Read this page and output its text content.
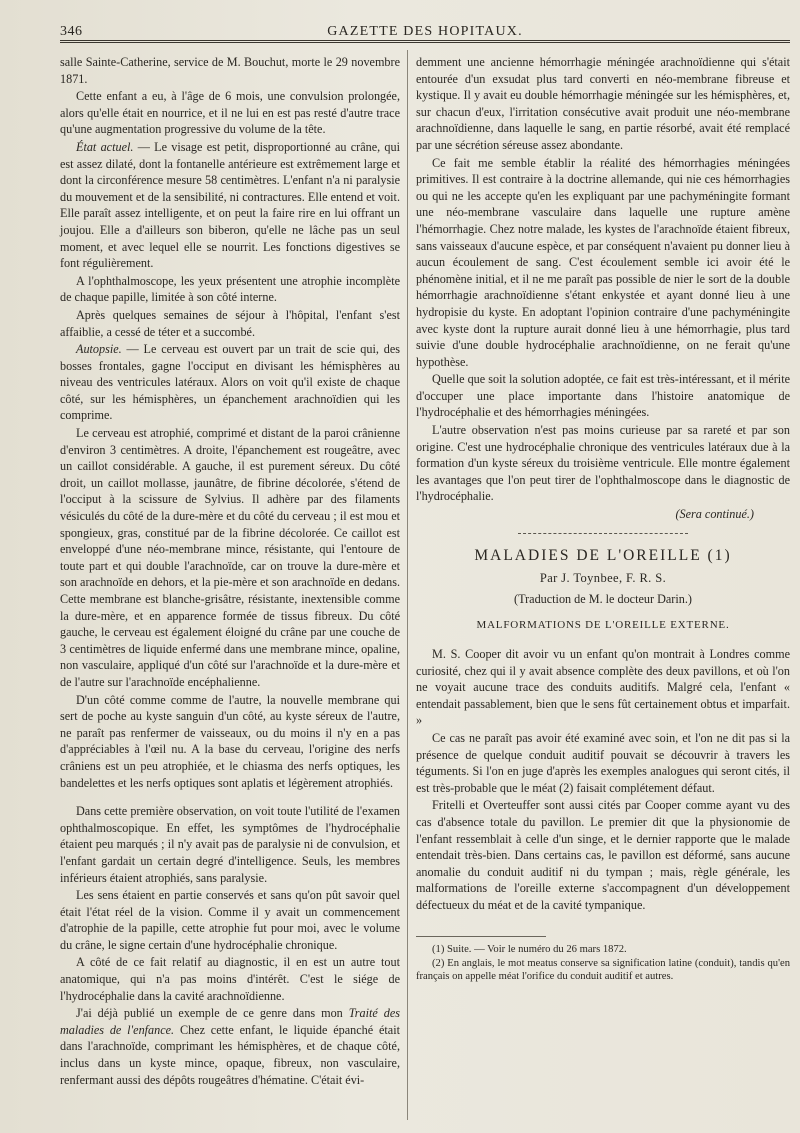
346	GAZETTE DES HOPITAUX.

salle Sainte-Catherine, service de M. Bouchut, morte le 29 novembre 1871.

Cette enfant a eu, à l'âge de 6 mois, une convulsion prolongée, alors qu'elle était en nourrice, et il ne lui en est pas resté d'autre trace qu'une augmentation progressive du volume de la tête.

État actuel. — Le visage est petit, disproportionné au crâne, qui est assez dilaté, dont la fontanelle antérieure est extrêmement large et dont la circonférence mesure 58 centimètres. L'enfant n'a ni paralysie du mouvement et de la sensibilité, ni contractures. Elle entend et voit. Elle paraît assez intelligente, et on peut la faire rire en lui offrant un joujou. Elle a d'ailleurs son biberon, qu'elle ne lâche pas un seul moment, et avec lequel elle se nourrit. Les fonctions digestives se font régulièrement.

A l'ophthalmoscope, les yeux présentent une atrophie incomplète de chaque papille, limitée à son côté interne.

Après quelques semaines de séjour à l'hôpital, l'enfant s'est affaiblie, a cessé de téter et a succombé.

Autopsie. — Le cerveau est ouvert par un trait de scie qui, des bosses frontales, gagne l'occiput en divisant les hémisphères au niveau des ventricules latéraux. Alors on voit qu'il existe de chaque côté, sur les hémisphères, un épanchement arachnoïdien qui les comprime.

Le cerveau est atrophié, comprimé et distant de la paroi crânienne d'environ 3 centimètres. A droite, l'épanchement est rougeâtre, avec un caillot considérable. A gauche, il est purement séreux. Du côté droit, un caillot mollasse, jaunâtre, de fibrine décolorée, s'étend de l'occiput à la scissure de Sylvius. Il adhère par des filaments vésiculés du côté de la dure-mère et du côté du cerveau ; il est mou et spongieux, gras, constitué par de la fibrine décolorée. Ce caillot est enveloppé d'une néo-membrane mince, résistante, qui l'entoure de toute part et qui double l'arachnoïde, car on trouve la dure-mère et son arachnoïde en dehors, et la pie-mère et son arachnoïde en dedans. Cette membrane est blanche-grisâtre, résistante, inextensible comme la dure-mère, et en apparence formée de tissus fibreux. Du côté gauche, le cerveau est également éloigné du crâne par une couche de 3 centimètres de liquide enfermé dans une membrane mince, opaline, non vasculaire, appliqué d'un côté sur l'arachnoïde et la dure-mère et de l'autre sur l'arachnoïde encéphalienne.

D'un côté comme comme de l'autre, la nouvelle membrane qui sert de poche au kyste sanguin d'un côté, au kyste séreux de l'autre, ne paraît pas renfermer de vaisseaux, ou du moins il n'y en a pas d'appréciables à l'œil nu. A la base du cerveau, l'origine des nerfs crâniens est un peu atrophiée, et le chiasma des nerfs optiques, les bandelettes et les nerfs optiques sont aplatis et légèrement atrophiés.

Dans cette première observation, on voit toute l'utilité de l'examen ophthalmoscopique. En effet, les symptômes de l'hydrocéphalie étaient peu marqués ; il n'y avait pas de paralysie ni de convulsion, et l'enfant gardait un certain degré d'intelligence. Seuls, les membres inférieurs étaient atrophiés, sans paralysie.

Les sens étaient en partie conservés et sans qu'on pût savoir quel était l'état réel de la vision. Comme il y avait un commencement d'atrophie de la papille, cette atrophie fut pour moi, avec le volume du crâne, le signe certain d'une hydrocéphalie chronique.

A côté de ce fait relatif au diagnostic, il en est un autre tout anatomique, qui n'a pas moins d'intérêt. C'est le siége de l'hydrocéphalie dans la cavité arachnoïdienne.

J'ai déjà publié un exemple de ce genre dans mon Traité des maladies de l'enfance. Chez cette enfant, le liquide épanché était dans l'arachnoïde, comprimant les hémisphères, et de chaque côté, inclus dans un kyste mince, opaque, fibreux, non vasculaire, renfermant aussi des dépôts rougeâtres d'hématine. C'était évi-

demment une ancienne hémorrhagie méningée arachnoïdienne qui s'était entourée d'un exsudat plus tard converti en néo-membrane fibreuse et kystique. Il y avait eu double hémorrhagie méningée sur les hémisphères, et, sur chacun d'eux, l'irritation consécutive avait produit une néo-membrane arachnoïdienne, dans laquelle le sang, en partie résorbé, avait été remplacé par une sécrétion séreuse assez abondante.

Ce fait me semble établir la réalité des hémorrhagies méningées primitives. Il est contraire à la doctrine allemande, qui nie ces hémorrhagies ou qui ne les accepte qu'en les expliquant par une pachyméningite formant une néo-membrane vasculaire dans laquelle une rupture amène l'hémorrhagie. Chez notre malade, les kystes de l'arachnoïde étaient fibreux, sans vaisseaux d'aucune espèce, et par conséquent n'avaient pu donner lieu à aucun écoulement de sang. C'est écoulement semble ici avoir été le phénomène initial, et il ne me paraît pas possible de nier le sort de la double hémorrhagie arachnoïdienne s'étant enkystée et ayant donné lieu à une hydropisie du kyste. En adoptant l'opinion contraire d'une pachyméningite avec kyste dont la rupture aurait donné lieu à une hémorrhagie, plus tard suivie d'une double hydrocéphalie arachnoïdienne, on ne ferait qu'une hypothèse.

Quelle que soit la solution adoptée, ce fait est très-intéressant, et il mérite d'occuper une place importante dans l'histoire anatomique de l'hydrocéphalie et des hémorrhagies méningées.

L'autre observation n'est pas moins curieuse par sa rareté et par son origine. C'est une hydrocéphalie chronique des ventricules latéraux due à la formation d'un kyste séreux du troisième ventricule. Elle montre également les avantages que l'on peut tirer de l'ophthalmoscope dans le diagnostic de l'hydrocéphalie.

(Sera continué.)

MALADIES DE L'OREILLE (1)
Par J. Toynbee, F. R. S.
(Traduction de M. le docteur Darin.)
MALFORMATIONS DE L'OREILLE EXTERNE.

M. S. Cooper dit avoir vu un enfant qu'on montrait à Londres comme curiosité, chez qui il y avait absence complète des deux pavillons, et où l'on ne voyait aucune trace des conduits auditifs. Malgré cela, l'enfant « entendait passablement, bien que le sens fût certainement obtus et imparfait. »

Ce cas ne paraît pas avoir été examiné avec soin, et l'on ne dit pas si la présence de quelque conduit auditif pouvait se découvrir à travers les téguments. Si l'on en juge d'après les exemples analogues qui seront cités, il est très-probable que le méat (2) faisait complétement défaut.

Fritelli et Overteuffer sont aussi cités par Cooper comme ayant vu des cas d'absence totale du pavillon. Le premier dit que la physionomie de l'enfant ressemblait à celle d'un singe, et le dernier rapporte que le malade entendait très-bien. Dans certains cas, le pavillon est déformé, sans aucune anomalie du conduit auditif ni du tympan ; mais, règle générale, les malformations de l'oreille externe s'accompagnent d'un développement défectueux du méat et de la cavité tympanique.

(1) Suite. — Voir le numéro du 26 mars 1872.

(2) En anglais, le mot meatus conserve sa signification latine (conduit), tandis qu'en français on appelle méat l'orifice du conduit auditif et autres.
